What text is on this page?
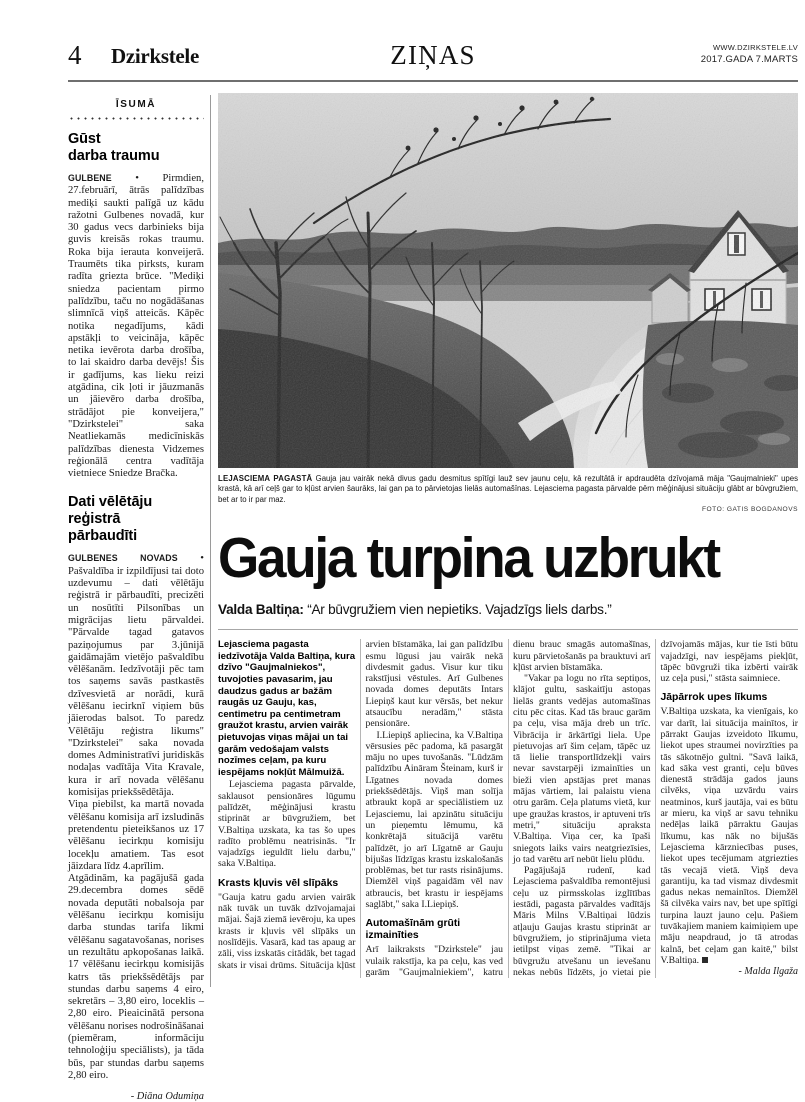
4 Dzirkstele	ZIŅAS	WWW.DZIRKSTELE.LV
2017.GADA 7.MARTS
ĪSUMĀ
Gūst
darba traumu

GULBENE • Pirmdien, 27.februārī, ātrās palīdzības mediķi saukti palīgā uz kādu ražotni Gulbenes novadā, kur 30 gadus vecs darbinieks bija guvis kreisās rokas traumu. Roka bija ierauta konveijerā. Traumēts tika pirksts, kuram radīta griezta brūce. "Mediķi sniedza pacientam pirmo palīdzību, taču no nogādāšanas slimnīcā viņš atteicās. Kāpēc notika negadījums, kādi apstākļi to veicināja, kāpēc netika ievērota darba drošība, to lai skaidro darba devējs! Šis ir gadījums, kas lieku reizi atgādina, cik ļoti ir jāuzmanās un jāievēro darba drošība, strādājot pie konveijera," "Dzirkstelei" saka Neatliekamās medicīniskās palīdzības dienesta Vidzemes reģionālā centra vadītāja vietniece Sniedze Bračka.

Dati vēlētāju reģistrā
pārbaudīti

GULBENES NOVADS • Pašvaldība ir izpildījusi tai doto uzdevumu – dati vēlētāju reģistrā ir pārbaudīti, precizēti un nosūtīti Pilsonības un migrācijas lietu pārvaldei. "Pārvalde tagad gatavos paziņojumus par 3.jūnijā gaidāmajām vietējo pašvaldību vēlēšanām. Iedzīvotāji pēc tam tos saņems savās pastkastēs dzīvesvietā ar norādi, kurā vēlēšanu iecirknī viņiem būs jāierodas balsot. To paredz Vēlētāju reģistra likums" "Dzirkstelei" saka novada domes Administratīvi juridiskās nodaļas vadītāja Vita Kravale, kura ir arī novada vēlēšanu komisijas priekšsēdētāja.

Viņa piebilst, ka martā novada vēlēšanu komisija arī izsludinās pretendentu pieteikšanos uz 17 vēlēšanu iecirkņu komisiju locekļu amatiem. Tas esot jāizdara līdz 4.aprīlim.

Atgādinām, ka pagājušā gada 29.decembra domes sēdē novada deputāti nobalsoja par vēlēšanu iecirkņu komisiju darba stundas tarifa likmi vēlēšanu sagatavošanas, norises un rezultātu apkopošanas laikā. 17 vēlēšanu iecirkņu komisijās katrs tās priekšsēdētājs par stundas darbu saņems 4 eiro, sekretārs – 3,80 eiro, loceklis – 2,80 eiro. Pieaicinātā persona vēlēšanu norises nodrošināšanai (piemēram, informāciju tehnoloģiju speciālists), ja tāda būs, par stundas darbu saņems 2,80 eiro.

- Diāna Odumiņa
LEJASCIEMA PAGASTĀ Gauja jau vairāk nekā divus gadu desmitus spītīgi lauž sev jaunu ceļu, kā rezultātā ir apdraudēta dzīvojamā māja "Gaujmalnieki" upes krastā, kā arī ceļš gar to kļūst arvien šaurāks, lai gan pa to pārvietojas lielās automašīnas. Lejasciema pagasta pārvalde pērn mēģinājusi situāciju glābt ar būvgružiem, bet ar to ir par maz.
FOTO: GATIS BOGDANOVS
Gauja turpina uzbrukt
Valda Baltiņa: “Ar būvgružiem vien nepietiks. Vajadzīgs liels darbs.”

Lejasciema pagasta iedzīvotāja Valda Baltiņa, kura dzīvo "Gaujmalniekos", tuvojoties pavasarim, jau daudzus gadus ar bažām raugās uz Gauju, kas, centimetru pa centimetram graužot krastu, arvien vairāk pietuvojas viņas mājai un tai garām vedošajam valsts nozīmes ceļam, pa kuru iespējams nokļūt Mālmuižā.

Lejasciema pagasta pārvalde, saklausot pensionāres lūgumu palīdzēt, mēģinājusi krastu stiprināt ar būvgružiem, bet V.Baltiņa uzskata, ka tas šo upes radīto problēmu neatrisinās. "Ir vajadzīgs ieguldīt lielu darbu," saka V.Baltiņa.

Krasts kļuvis vēl slīpāks

"Gauja katru gadu arvien vairāk nāk tuvāk un tuvāk dzīvojamajai mājai. Šajā ziemā ievēroju, ka upes krasts ir kļuvis vēl slīpāks un noslīdējis. Vasarā, kad tas apaug ar zāli, viss izskatās citādāk, bet tagad skats ir visai drūms. Situācija kļūst arvien bīstamāka, lai gan palīdzību esmu lūgusi jau vairāk nekā divdesmit gadus. Visur kur tiku rakstījusi vēstules. Arī Gulbenes novada domes deputāts Intars Liepiņš kaut kur vērsās, bet nekur atsaucību neradām," stāsta pensionāre.

I.Liepiņš apliecina, ka V.Baltiņa vērsusies pēc padoma, kā pasargāt māju no upes tuvošanās. "Lūdzām palīdzību Aināram Šteinam, kurš ir Līgatnes novada domes priekšsēdētājs. Viņš man solīja atbraukt kopā ar speciālistiem uz Lejasciemu, lai apzinātu situāciju un pieņemtu lēmumu, kā konkrētajā situācijā varētu palīdzēt, jo arī Līgatnē ar Gauju bijušas līdzīgas krastu izskalošanās problēmas, bet tur rasts risinājums. Diemžēl viņš pagaidām vēl nav atbraucis, bet krastu ir iespējams saglābt," saka I.Liepiņš.

Automašīnām grūti izmainīties

Arī laikraksts "Dzirkstele" jau vulaik rakstīja, ka pa ceļu, kas ved garām "Gaujmalniekiem", katru dienu brauc smagās automašīnas, kuru pārvietošanās pa brauktuvi arī kļūst arvien bīstamāka.

"Vakar pa logu no rīta septiņos, klājot gultu, saskaitīju astoņas lielās grants vedējas automašīnas citu pēc citas. Kad tās brauc garām pa ceļu, visa māja dreb un trīc. Vibrācija ir ārkārtīgi liela. Upe pietuvojas arī šim ceļam, tāpēc uz tā lielie transportlīdzekļi vairs nevar savstarpēji izmainīties un bieži vien apstājas pret manas mājas vārtiem, lai palaistu viena otru garām. Ceļa platums vietā, kur upe graužas krastos, ir aptuveni trīs metri," situāciju apraksta V.Baltiņa. Viņa cer, ka īpaši sniegots laiks vairs neatgriezīsies, jo tad varētu arī nebūt lielu plūdu.

Pagājušajā rudenī, kad Lejasciema pašvaldība remontējusi ceļu uz pirmsskolas izglītības iestādi, pagasta pārvaldes vadītājs Māris Milns V.Baltiņai lūdzis atļauju Gaujas krastu stiprināt ar būvgružiem, jo stiprinājuma vieta ietilpst viņas zemē. "Tikai ar būvgružu atvešanu un ievešanu nekas nebūs līdzēts, jo vietai pie dzīvojamās mājas, kur tie īsti būtu vajadzīgi, nav iespējams piekļūt, tāpēc būvgruži tika izbērti vairāk uz ceļa pusi," stāsta saimniece.

Jāpārrok upes līkums

V.Baltiņa uzskata, ka vienīgais, ko var darīt, lai situācija mainītos, ir pārrakt Gaujas izveidoto līkumu, liekot upes straumei novirzīties pa tās sākotnējo gultni. "Savā laikā, kad sāka vest granti, ceļu būves dienestā strādāja gados jauns cilvēks, viņa uzvārdu vairs neatminos, kurš jautāja, vai es būtu ar mieru, ka viņš ar savu tehniku nedēļas laikā pārraktu Gaujas līkumu, kas nāk no bijušās Lejasciema kārzniecības puses, liekot upes tecējumam atgriezties tās vecajā vietā. Viņš deva garantiju, ka tad vismaz divdesmit gadus nekas nemainītos. Diemžēl šā cilvēka vairs nav, bet upe spītīgi turpina lauzt jauno ceļu. Pašiem tuvākajiem maniem kaimiņiem upe māju neapdraud, jo tā atrodas kalnā, bet ceļam gan kaitē," bilst V.Baltiņa.

- Malda Ilgaža
